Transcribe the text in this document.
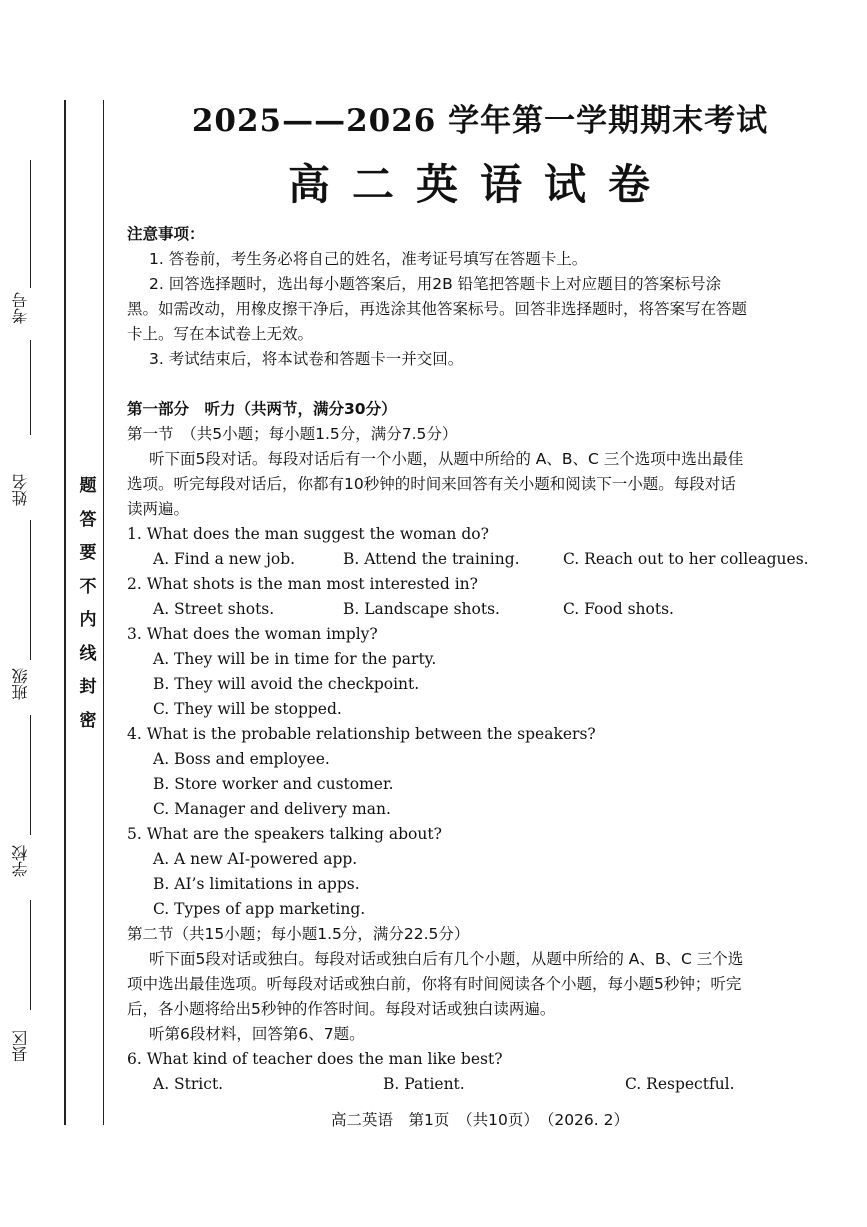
考号
姓名
班级
学校
县区
题
答
要
不
内
线
封
密
2025——2026 学年第一学期期末考试
高二英语试卷
注意事项：
1. 答卷前，考生务必将自己的姓名，准考证号填写在答题卡上。
2. 回答选择题时，选出每小题答案后，用2B 铅笔把答题卡上对应题目的答案标号涂
黑。如需改动，用橡皮擦干净后，再选涂其他答案标号。回答非选择题时，将答案写在答题
卡上。写在本试卷上无效。
3. 考试结束后，将本试卷和答题卡一并交回。
第一部分　听力（共两节，满分30分）
第一节　（共5小题；每小题1.5分，满分7.5分）
听下面5段对话。每段对话后有一个小题，从题中所给的 A、B、C 三个选项中选出最佳
选项。听完每段对话后，你都有10秒钟的时间来回答有关小题和阅读下一小题。每段对话
读两遍。
1. What does the man suggest the woman do?
A. Find a new job.	B. Attend the training.	C. Reach out to her colleagues.
2. What shots is the man most interested in?
A. Street shots.	B. Landscape shots.	C. Food shots.
3. What does the woman imply?
A. They will be in time for the party.
B. They will avoid the checkpoint.
C. They will be stopped.
4. What is the probable relationship between the speakers?
A. Boss and employee.
B. Store worker and customer.
C. Manager and delivery man.
5. What are the speakers talking about?
A. A new AI-powered app.
B. AI’s limitations in apps.
C. Types of app marketing.
第二节（共15小题；每小题1.5分，满分22.5分）
听下面5段对话或独白。每段对话或独白后有几个小题，从题中所给的 A、B、C 三个选
项中选出最佳选项。听每段对话或独白前，你将有时间阅读各个小题，每小题5秒钟；听完
后，各小题将给出5秒钟的作答时间。每段对话或独白读两遍。
听第6段材料，回答第6、7题。
6. What kind of teacher does the man like best?
A. Strict.	B. Patient.	C. Respectful.
高二英语　第1页　（共10页）　（2026. 2）
